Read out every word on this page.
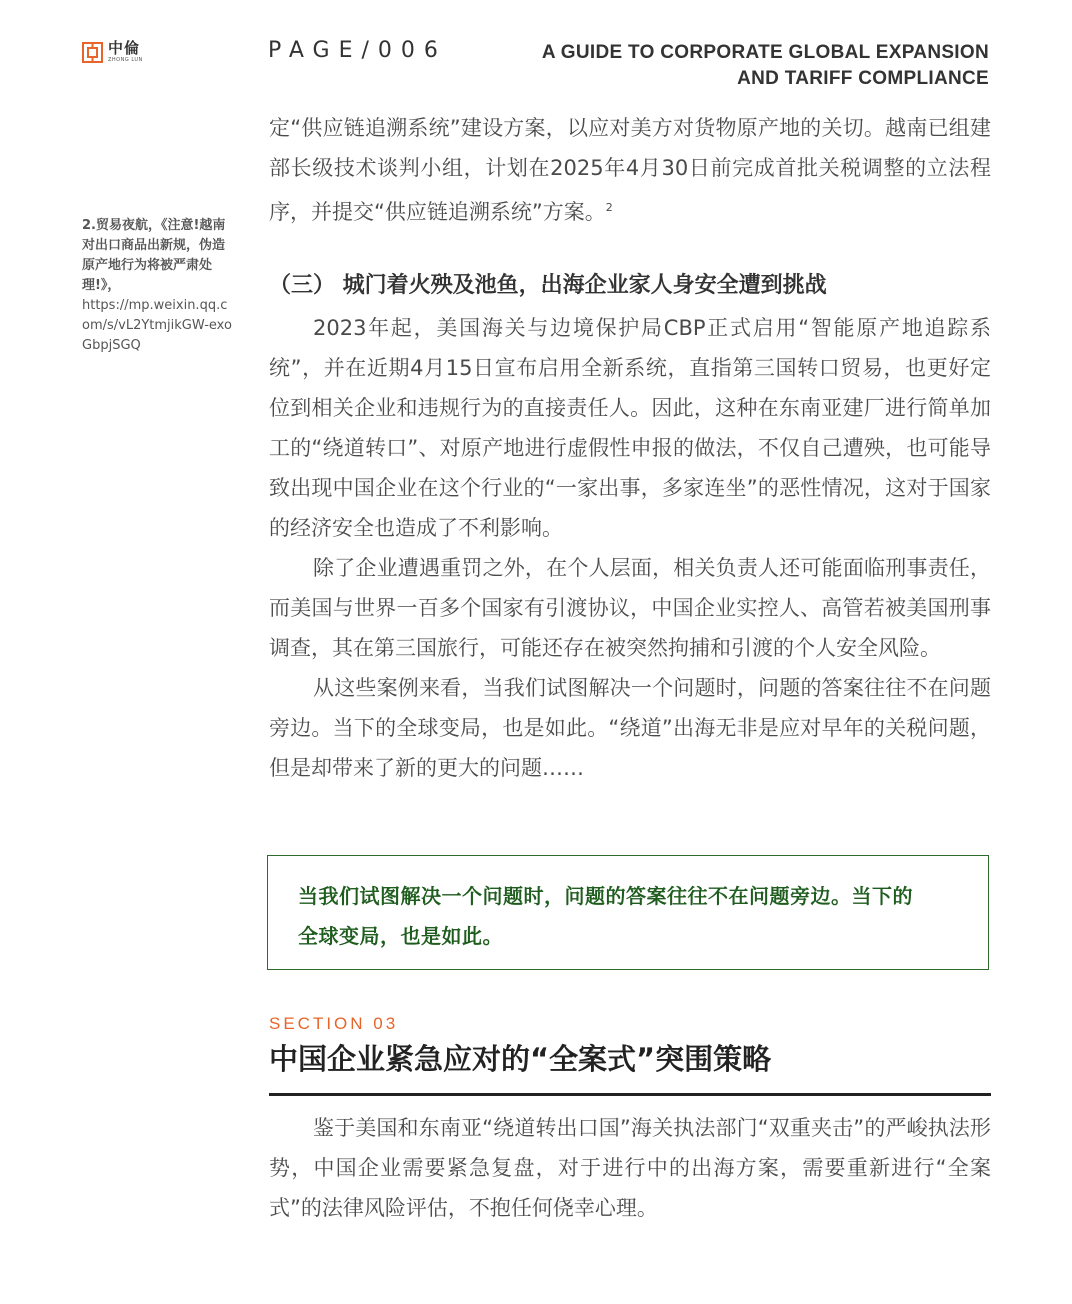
中倫
ZHONG LUN	PAGE/006	A GUIDE TO CORPORATE GLOBAL EXPANSION
AND TARIFF COMPLIANCE
2.贸易夜航，《注意!越南对出口商品出新规，伪造原产地行为将被严肃处理!》，
https://mp.weixin.qq.com/s/vL2YtmjikGW-exoGbpjSGQ

定“供应链追溯系统”建设方案，以应对美方对货物原产地的关切。越南已组建部长级技术谈判小组，计划在2025年4月30日前完成首批关税调整的立法程序，并提交“供应链追溯系统”方案。$^2$

（三） 城门着火殃及池鱼，出海企业家人身安全遭到挑战

2023年起，美国海关与边境保护局CBP正式启用“智能原产地追踪系统”，并在近期4月15日宣布启用全新系统，直指第三国转口贸易，也更好定位到相关企业和违规行为的直接责任人。因此，这种在东南亚建厂进行简单加工的“绕道转口”、对原产地进行虚假性申报的做法，不仅自己遭殃，也可能导致出现中国企业在这个行业的“一家出事，多家连坐”的恶性情况，这对于国家的经济安全也造成了不利影响。

除了企业遭遇重罚之外，在个人层面，相关负责人还可能面临刑事责任，而美国与世界一百多个国家有引渡协议，中国企业实控人、高管若被美国刑事调查，其在第三国旅行，可能还存在被突然拘捕和引渡的个人安全风险。

从这些案例来看，当我们试图解决一个问题时，问题的答案往往不在问题旁边。当下的全球变局，也是如此。“绕道”出海无非是应对早年的关税问题，但是却带来了新的更大的问题……

当我们试图解决一个问题时，问题的答案往往不在问题旁边。当下的
全球变局，也是如此。
SECTION 03
中国企业紧急应对的“全案式”突围策略

鉴于美国和东南亚“绕道转出口国”海关执法部门“双重夹击”的严峻执法形势，中国企业需要紧急复盘，对于进行中的出海方案，需要重新进行“全案式”的法律风险评估，不抱任何侥幸心理。
